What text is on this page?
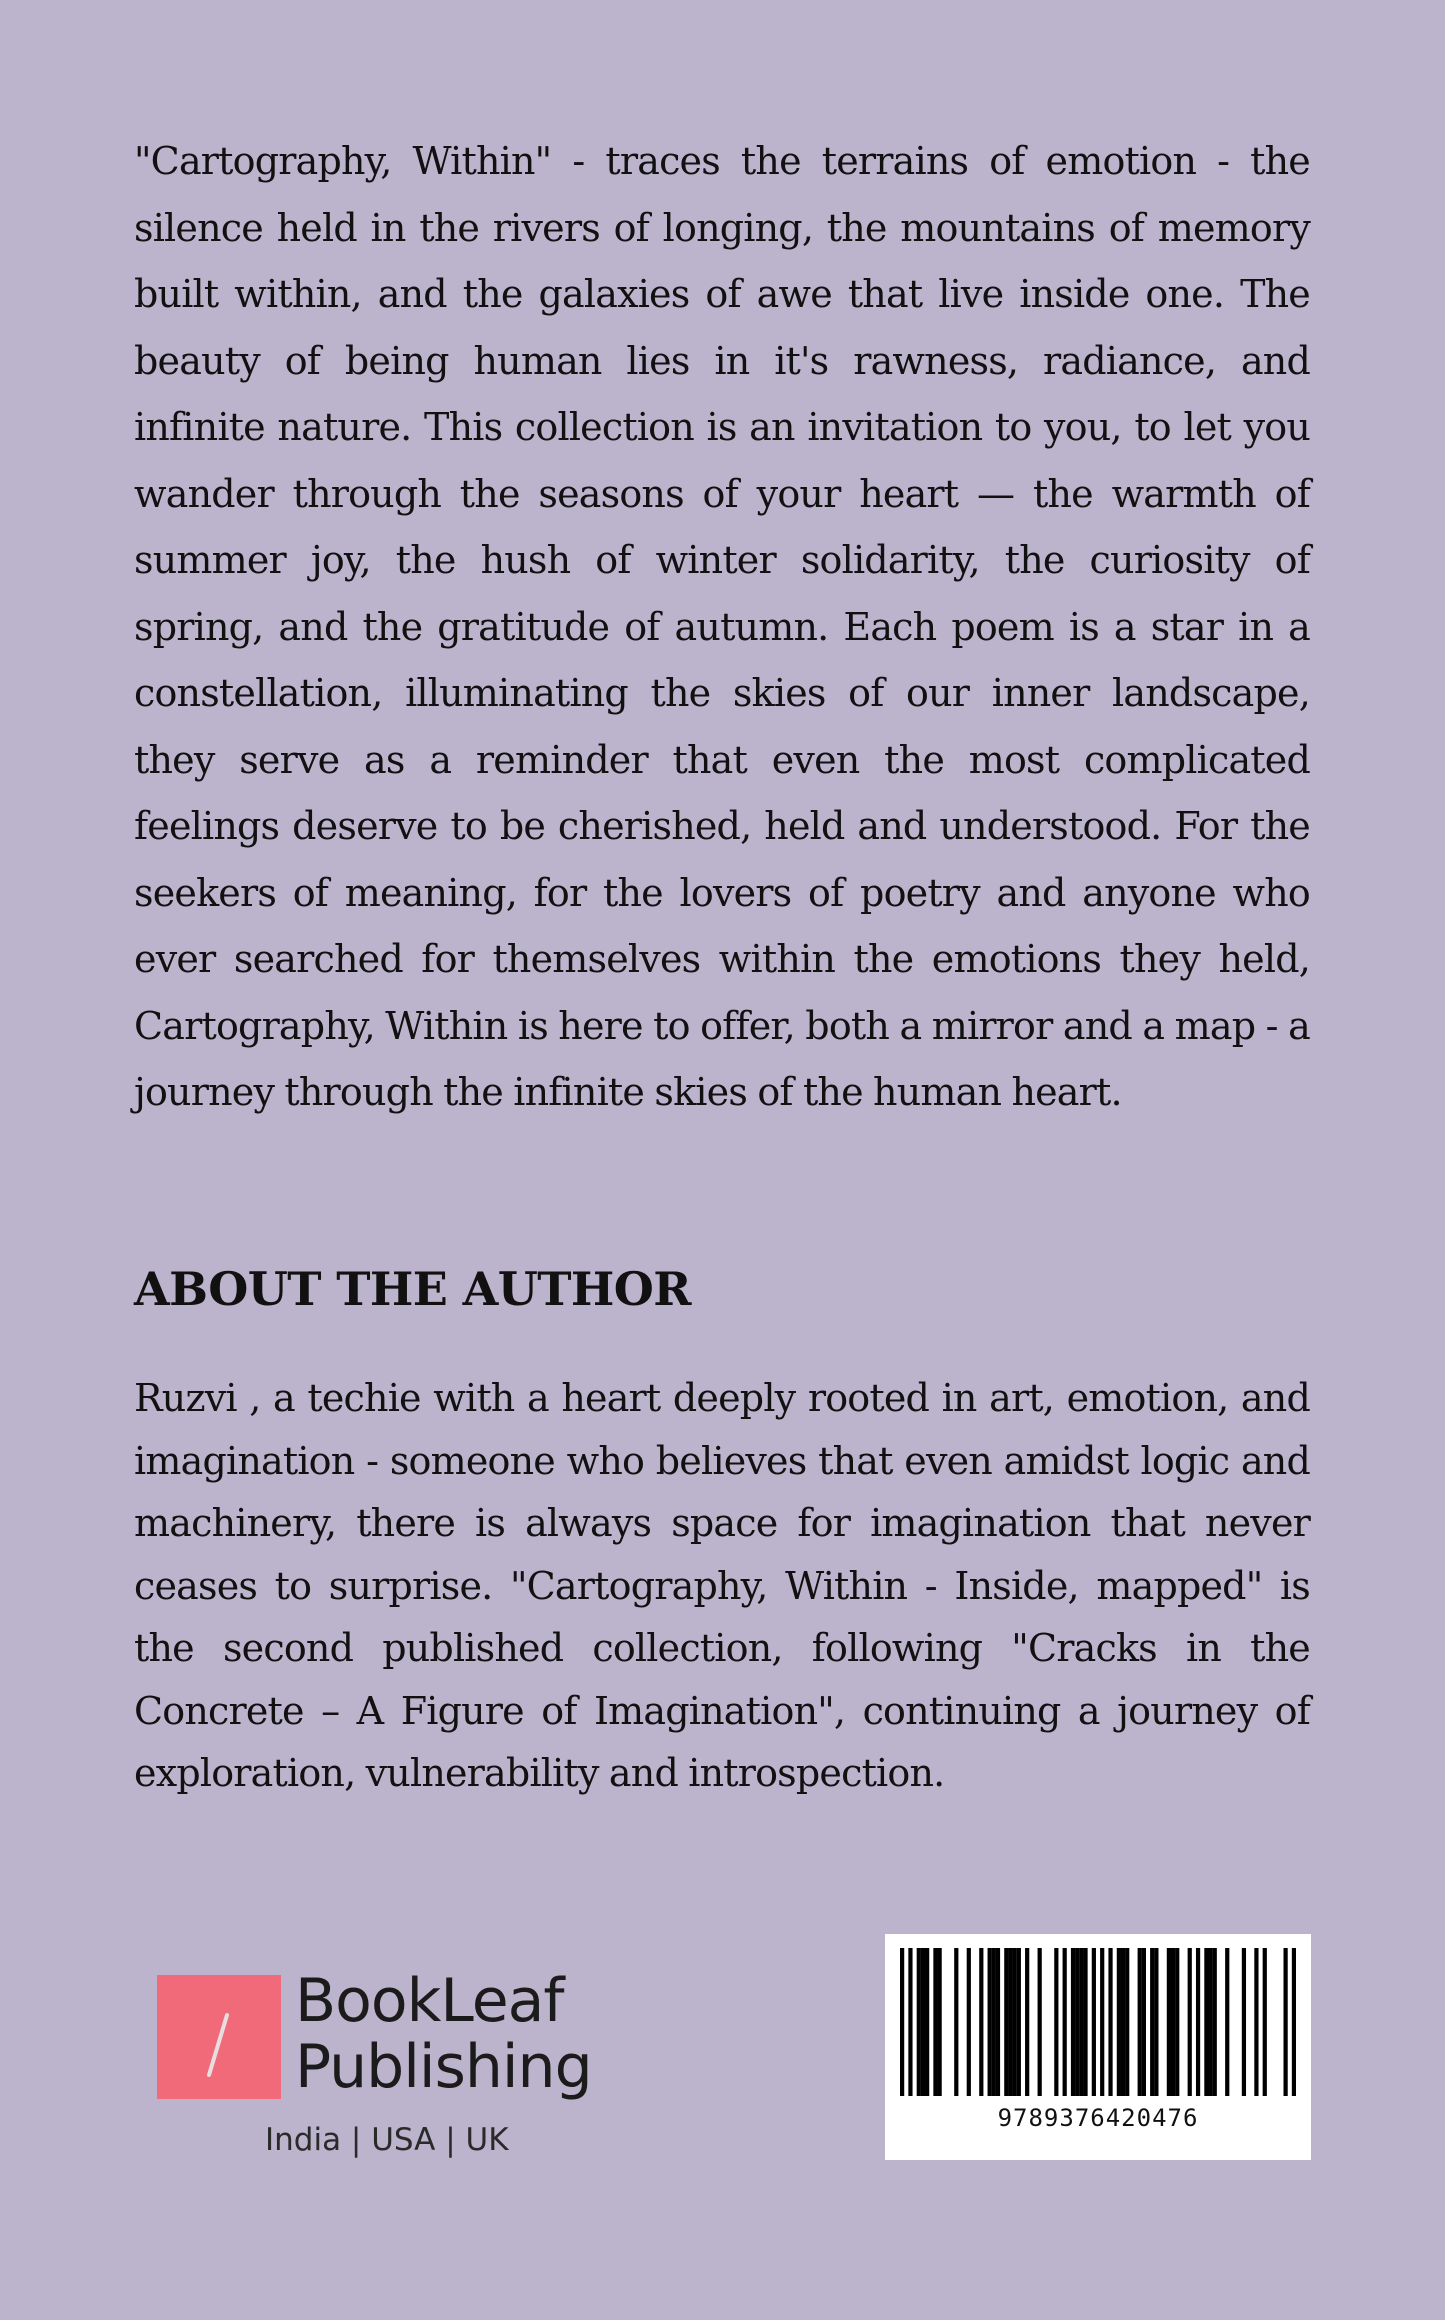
"Cartography, Within" - traces the terrains of emotion - the silence held in the rivers of longing, the mountains of memory built within, and the galaxies of awe that live inside one. The beauty of being human lies in it's rawness, radiance, and infinite nature. This collection is an invitation to you, to let you wander through the seasons of your heart — the warmth of summer joy, the hush of winter solidarity, the curiosity of spring, and the gratitude of autumn. Each poem is a star in a constellation, illuminating the skies of our inner landscape, they serve as a reminder that even the most complicated feelings deserve to be cherished, held and understood. For the seekers of meaning, for the lovers of poetry and anyone who ever searched for themselves within the emotions they held, Cartography, Within is here to offer, both a mirror and a map - a journey through the infinite skies of the human heart.

ABOUT THE AUTHOR

Ruzvi , a techie with a heart deeply rooted in art, emotion, and imagination - someone who believes that even amidst logic and machinery, there is always space for imagination that never ceases to surprise. "Cartography, Within - Inside, mapped" is the second published collection, following "Cracks in the Concrete – A Figure of Imagination", continuing a journey of exploration, vulnerability and introspection.

BookLeaf
Publishing
India | USA | UK
9789376420476
